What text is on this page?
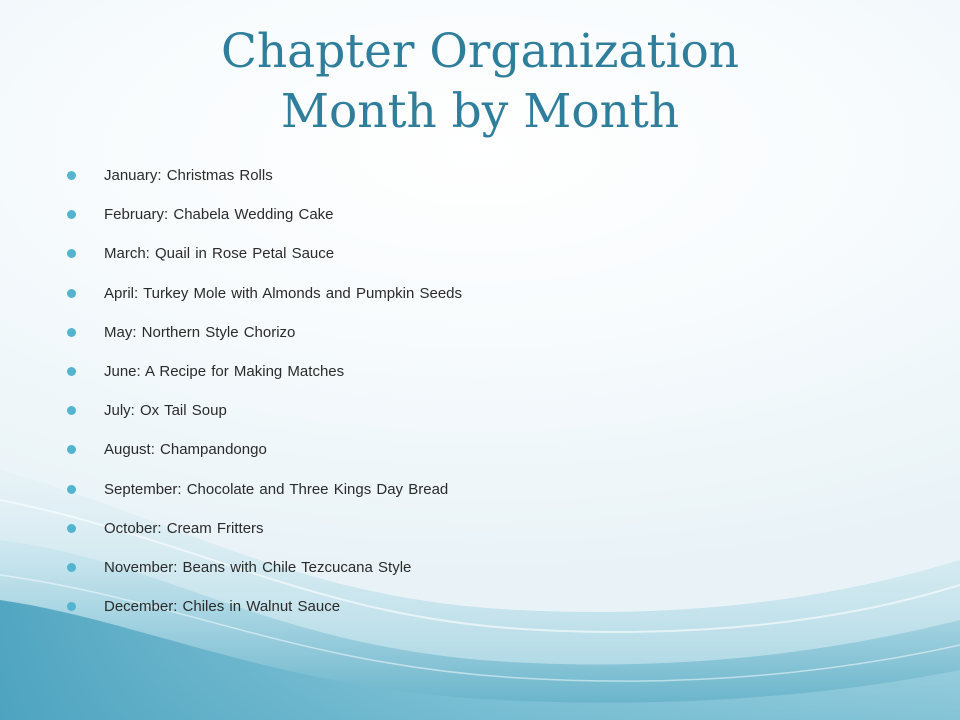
Chapter Organization
Month by Month
January: Christmas Rolls
February: Chabela Wedding Cake
March: Quail in Rose Petal Sauce
April: Turkey Mole with Almonds and Pumpkin Seeds
May: Northern Style Chorizo
June: A Recipe for Making Matches
July: Ox Tail Soup
August: Champandongo
September: Chocolate and Three Kings Day Bread
October: Cream Fritters
November: Beans with Chile Tezcucana Style
December: Chiles in Walnut Sauce
